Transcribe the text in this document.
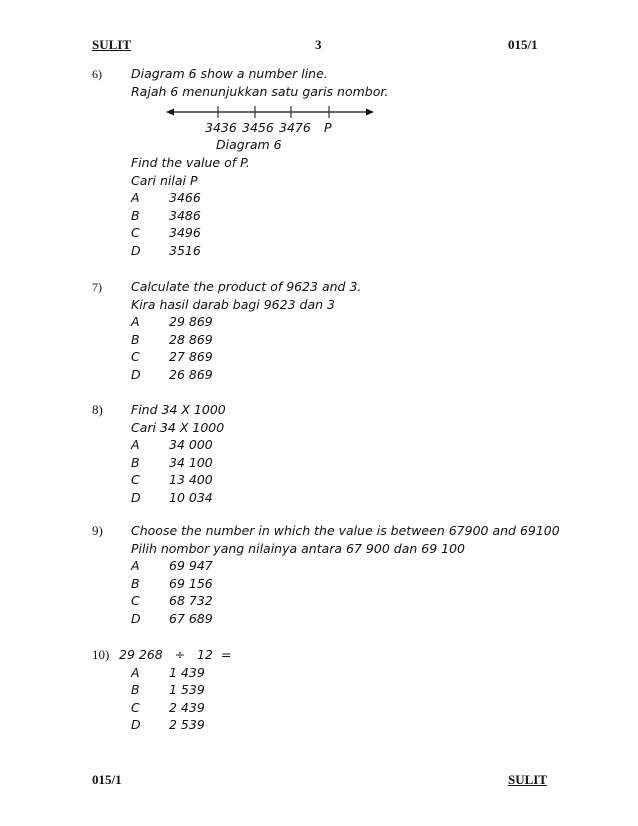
SULIT	3	015/1
6) Diagram 6 show a number line.
Rajah 6 menunjukkan satu garis nombor.
3436 3456 3476 P
Diagram 6
Find the value of P.
Cari nilai P
A 3466
B 3486
C 3496
D 3516
7) Calculate the product of 9623 and 3.
Kira hasil darab bagi 9623 dan 3
A 29 869
B 28 869
C 27 869
D 26 869
8) Find 34 X 1000
Cari 34 X 1000
A 34 000
B 34 100
C 13 400
D 10 034
9) Choose the number in which the value is between 67900 and 69100
Pilih nombor yang nilainya antara 67 900 dan 69 100
A 69 947
B 69 156
C 68 732
D 67 689
10) 29 268   ÷   12  =
A 1 439
B 1 539
C 2 439
D 2 539
015/1	SULIT
